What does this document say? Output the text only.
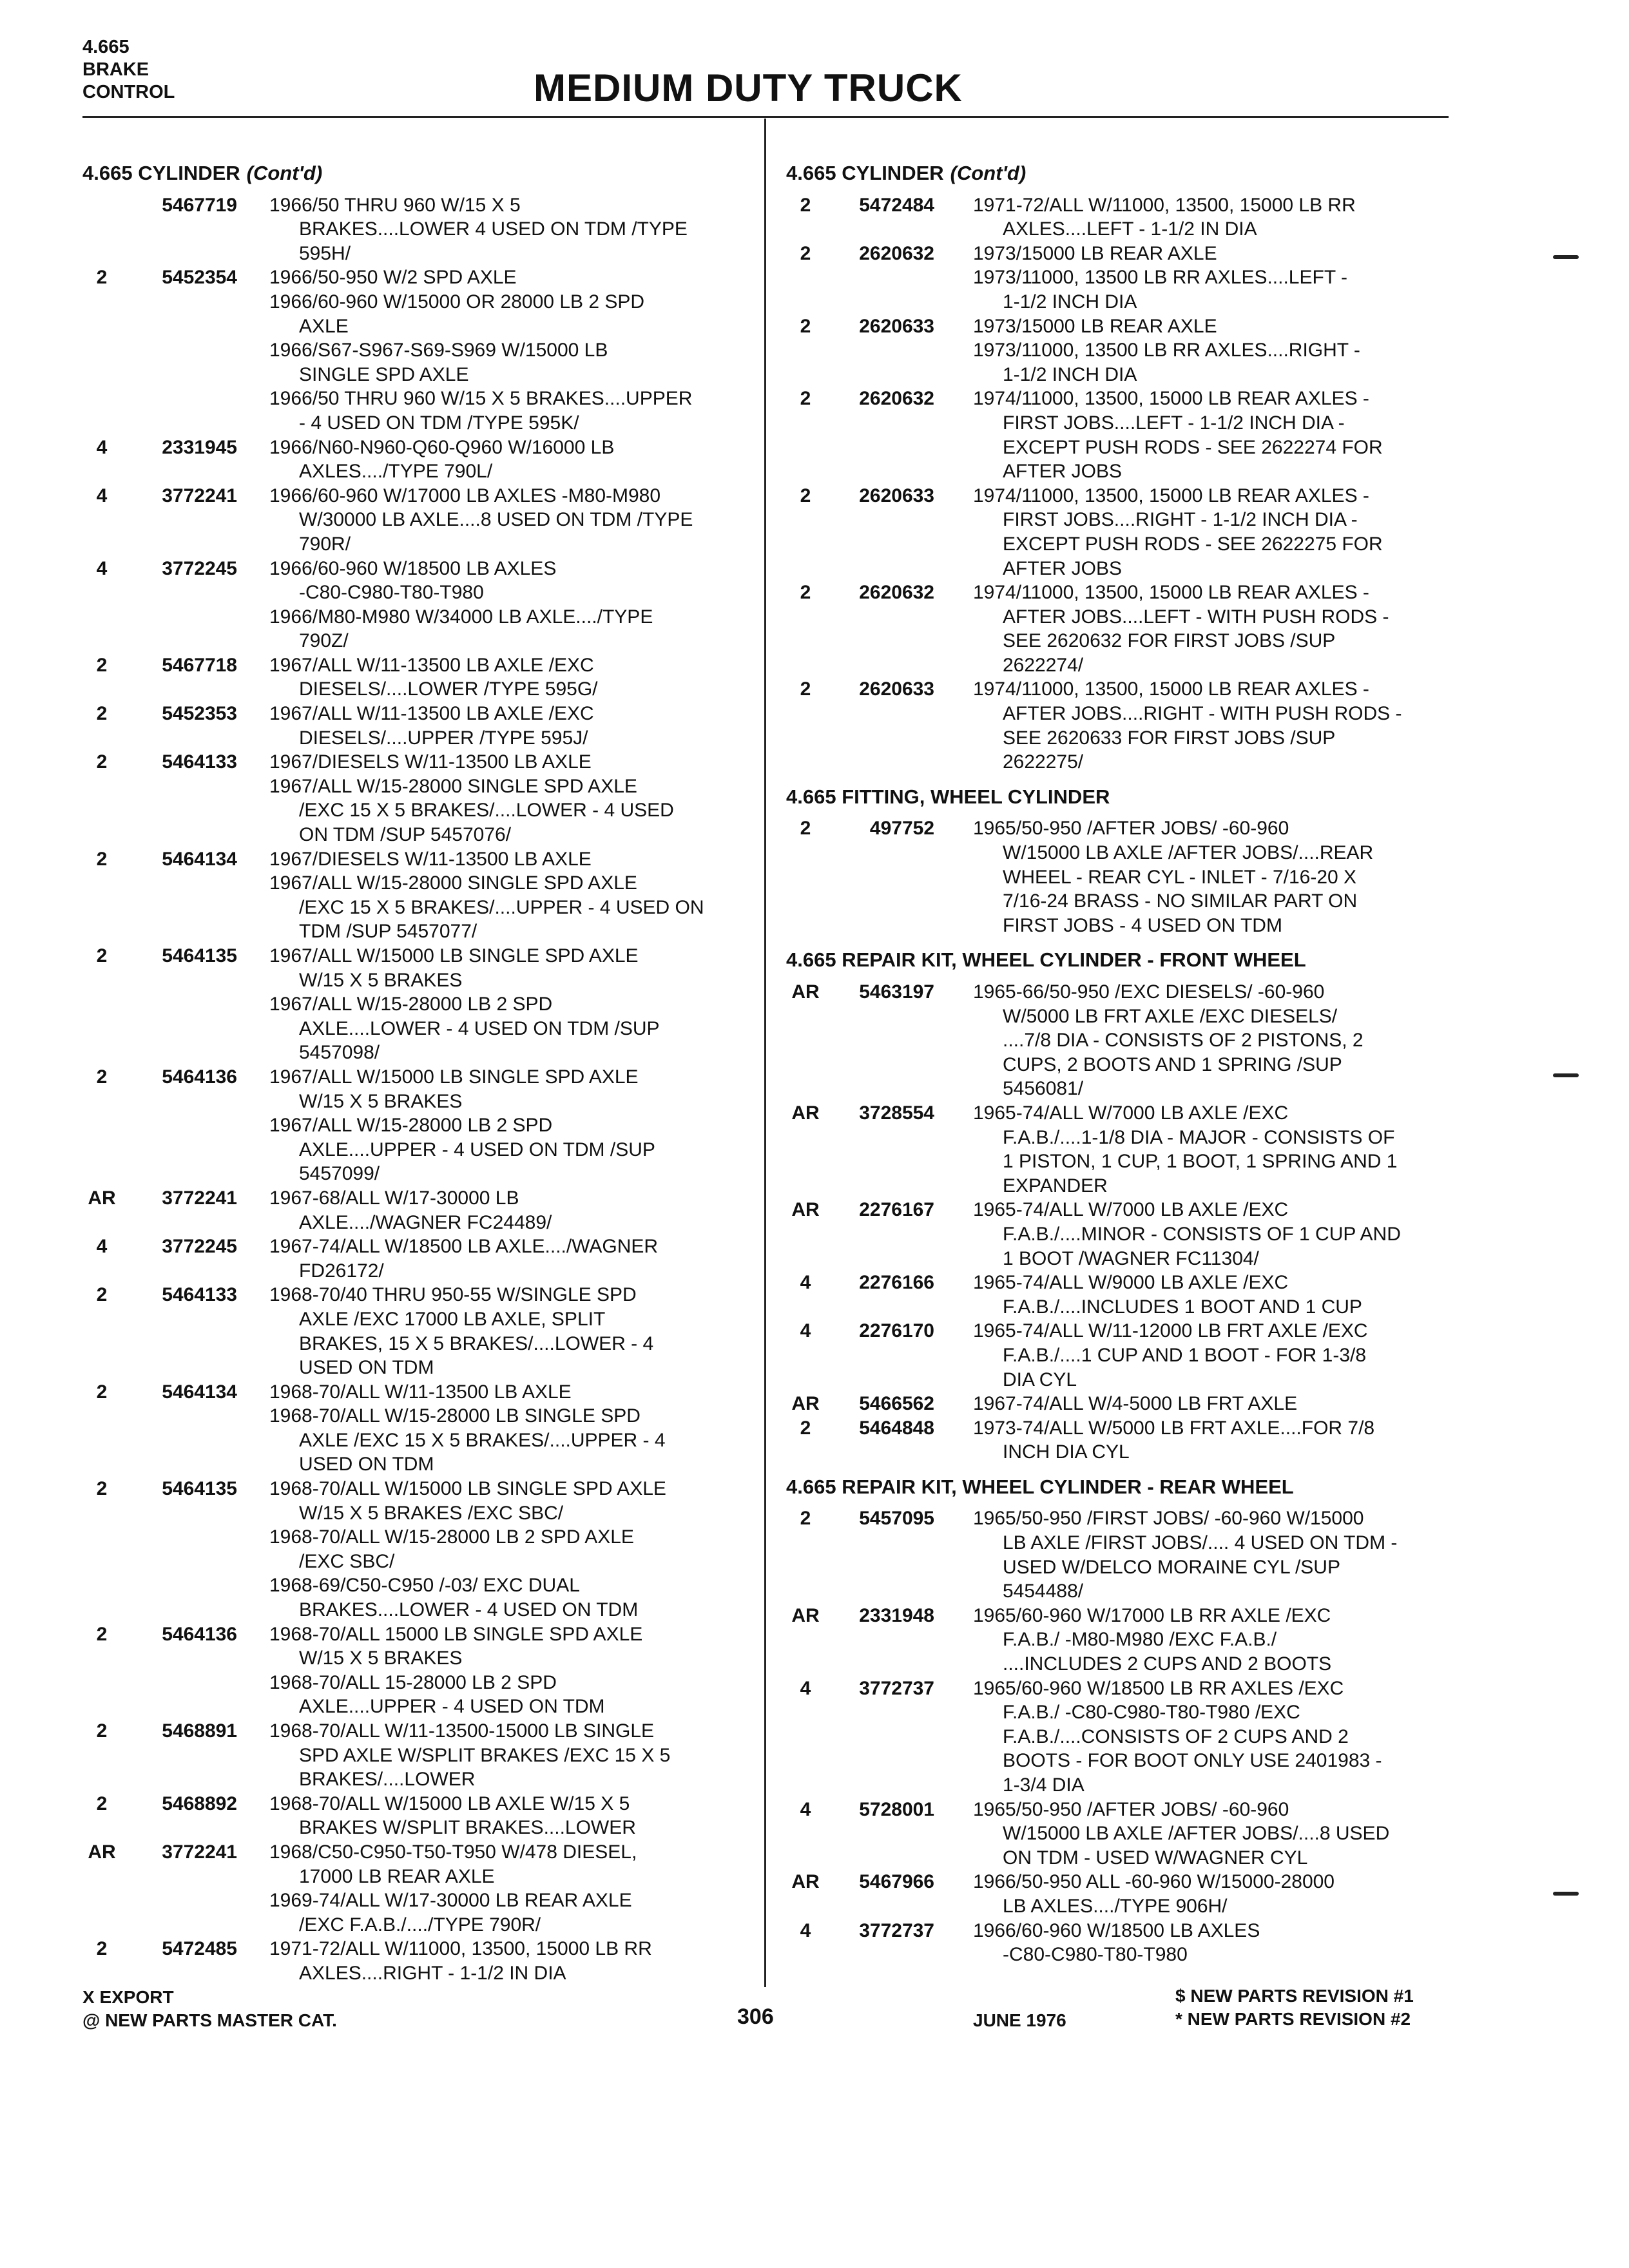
4.665
BRAKE
CONTROL	MEDIUM DUTY TRUCK
4.665 CYLINDER (Cont'd)
5467719 1966/50 THRU 960 W/15 X 5
BRAKES....LOWER 4 USED ON TDM /TYPE
595H/
2	5452354 1966/50-950 W/2 SPD AXLE
1966/60-960 W/15000 OR 28000 LB 2 SPD
AXLE
1966/S67-S967-S69-S969 W/15000 LB
SINGLE SPD AXLE
1966/50 THRU 960 W/15 X 5 BRAKES....UPPER
- 4 USED ON TDM /TYPE 595K/
4	2331945 1966/N60-N960-Q60-Q960 W/16000 LB
AXLES..../TYPE 790L/
4	3772241 1966/60-960 W/17000 LB AXLES -M80-M980
W/30000 LB AXLE....8 USED ON TDM /TYPE
790R/
4	3772245 1966/60-960 W/18500 LB AXLES
-C80-C980-T80-T980
1966/M80-M980 W/34000 LB AXLE..../TYPE
790Z/
2	5467718 1967/ALL W/11-13500 LB AXLE /EXC
DIESELS/....LOWER /TYPE 595G/
2	5452353 1967/ALL W/11-13500 LB AXLE /EXC
DIESELS/....UPPER /TYPE 595J/
2	5464133 1967/DIESELS W/11-13500 LB AXLE
1967/ALL W/15-28000 SINGLE SPD AXLE
/EXC 15 X 5 BRAKES/....LOWER - 4 USED
ON TDM /SUP 5457076/
2	5464134 1967/DIESELS W/11-13500 LB AXLE
1967/ALL W/15-28000 SINGLE SPD AXLE
/EXC 15 X 5 BRAKES/....UPPER - 4 USED ON
TDM /SUP 5457077/
2	5464135 1967/ALL W/15000 LB SINGLE SPD AXLE
W/15 X 5 BRAKES
1967/ALL W/15-28000 LB 2 SPD
AXLE....LOWER - 4 USED ON TDM /SUP
5457098/
2	5464136 1967/ALL W/15000 LB SINGLE SPD AXLE
W/15 X 5 BRAKES
1967/ALL W/15-28000 LB 2 SPD
AXLE....UPPER - 4 USED ON TDM /SUP
5457099/
AR	3772241 1967-68/ALL W/17-30000 LB
AXLE..../WAGNER FC24489/
4	3772245 1967-74/ALL W/18500 LB AXLE..../WAGNER
FD26172/
2	5464133 1968-70/40 THRU 950-55 W/SINGLE SPD
AXLE /EXC 17000 LB AXLE, SPLIT
BRAKES, 15 X 5 BRAKES/....LOWER - 4
USED ON TDM
2	5464134 1968-70/ALL W/11-13500 LB AXLE
1968-70/ALL W/15-28000 LB SINGLE SPD
AXLE /EXC 15 X 5 BRAKES/....UPPER - 4
USED ON TDM
2	5464135 1968-70/ALL W/15000 LB SINGLE SPD AXLE
W/15 X 5 BRAKES /EXC SBC/
1968-70/ALL W/15-28000 LB 2 SPD AXLE
/EXC SBC/
1968-69/C50-C950 /-03/ EXC DUAL
BRAKES....LOWER - 4 USED ON TDM
2	5464136 1968-70/ALL 15000 LB SINGLE SPD AXLE
W/15 X 5 BRAKES
1968-70/ALL 15-28000 LB 2 SPD
AXLE....UPPER - 4 USED ON TDM
2	5468891 1968-70/ALL W/11-13500-15000 LB SINGLE
SPD AXLE W/SPLIT BRAKES /EXC 15 X 5
BRAKES/....LOWER
2	5468892 1968-70/ALL W/15000 LB AXLE W/15 X 5
BRAKES W/SPLIT BRAKES....LOWER
AR	3772241 1968/C50-C950-T50-T950 W/478 DIESEL,
17000 LB REAR AXLE
1969-74/ALL W/17-30000 LB REAR AXLE
/EXC F.A.B./..../TYPE 790R/
2	5472485 1971-72/ALL W/11000, 13500, 15000 LB RR
AXLES....RIGHT - 1-1/2 IN DIA
4.665 CYLINDER (Cont'd)
2	5472484 1971-72/ALL W/11000, 13500, 15000 LB RR
AXLES....LEFT - 1-1/2 IN DIA
2	2620632 1973/15000 LB REAR AXLE
1973/11000, 13500 LB RR AXLES....LEFT -
1-1/2 INCH DIA
2	2620633 1973/15000 LB REAR AXLE
1973/11000, 13500 LB RR AXLES....RIGHT -
1-1/2 INCH DIA
2	2620632 1974/11000, 13500, 15000 LB REAR AXLES -
FIRST JOBS....LEFT - 1-1/2 INCH DIA -
EXCEPT PUSH RODS - SEE 2622274 FOR
AFTER JOBS
2	2620633 1974/11000, 13500, 15000 LB REAR AXLES -
FIRST JOBS....RIGHT - 1-1/2 INCH DIA -
EXCEPT PUSH RODS - SEE 2622275 FOR
AFTER JOBS
2	2620632 1974/11000, 13500, 15000 LB REAR AXLES -
AFTER JOBS....LEFT - WITH PUSH RODS -
SEE 2620632 FOR FIRST JOBS /SUP
2622274/
2	2620633 1974/11000, 13500, 15000 LB REAR AXLES -
AFTER JOBS....RIGHT - WITH PUSH RODS -
SEE 2620633 FOR FIRST JOBS /SUP
2622275/
4.665 FITTING, WHEEL CYLINDER
2	497752 1965/50-950 /AFTER JOBS/ -60-960
W/15000 LB AXLE /AFTER JOBS/....REAR
WHEEL - REAR CYL - INLET - 7/16-20 X
7/16-24 BRASS - NO SIMILAR PART ON
FIRST JOBS - 4 USED ON TDM
4.665 REPAIR KIT, WHEEL CYLINDER - FRONT WHEEL
AR	5463197 1965-66/50-950 /EXC DIESELS/ -60-960
W/5000 LB FRT AXLE /EXC DIESELS/
....7/8 DIA - CONSISTS OF 2 PISTONS, 2
CUPS, 2 BOOTS AND 1 SPRING /SUP
5456081/
AR	3728554 1965-74/ALL W/7000 LB AXLE /EXC
F.A.B./....1-1/8 DIA - MAJOR - CONSISTS OF
1 PISTON, 1 CUP, 1 BOOT, 1 SPRING AND 1
EXPANDER
AR	2276167 1965-74/ALL W/7000 LB AXLE /EXC
F.A.B./....MINOR - CONSISTS OF 1 CUP AND
1 BOOT /WAGNER FC11304/
4	2276166 1965-74/ALL W/9000 LB AXLE /EXC
F.A.B./....INCLUDES 1 BOOT AND 1 CUP
4	2276170 1965-74/ALL W/11-12000 LB FRT AXLE /EXC
F.A.B./....1 CUP AND 1 BOOT - FOR 1-3/8
DIA CYL
AR	5466562 1967-74/ALL W/4-5000 LB FRT AXLE
2	5464848 1973-74/ALL W/5000 LB FRT AXLE....FOR 7/8
INCH DIA CYL
4.665 REPAIR KIT, WHEEL CYLINDER - REAR WHEEL
2	5457095 1965/50-950 /FIRST JOBS/ -60-960 W/15000
LB AXLE /FIRST JOBS/.... 4 USED ON TDM -
USED W/DELCO MORAINE CYL /SUP
5454488/
AR	2331948 1965/60-960 W/17000 LB RR AXLE /EXC
F.A.B./ -M80-M980 /EXC F.A.B./
....INCLUDES 2 CUPS AND 2 BOOTS
4	3772737 1965/60-960 W/18500 LB RR AXLES /EXC
F.A.B./ -C80-C980-T80-T980 /EXC
F.A.B./....CONSISTS OF 2 CUPS AND 2
BOOTS - FOR BOOT ONLY USE 2401983 -
1-3/4 DIA
4	5728001 1965/50-950 /AFTER JOBS/ -60-960
W/15000 LB AXLE /AFTER JOBS/....8 USED
ON TDM - USED W/WAGNER CYL
AR	5467966 1966/50-950 ALL -60-960 W/15000-28000
LB AXLES..../TYPE 906H/
4	3772737 1966/60-960 W/18500 LB AXLES
-C80-C980-T80-T980
X EXPORT
@ NEW PARTS MASTER CAT.	306	JUNE 1976
$ NEW PARTS REVISION #1
* NEW PARTS REVISION #2
